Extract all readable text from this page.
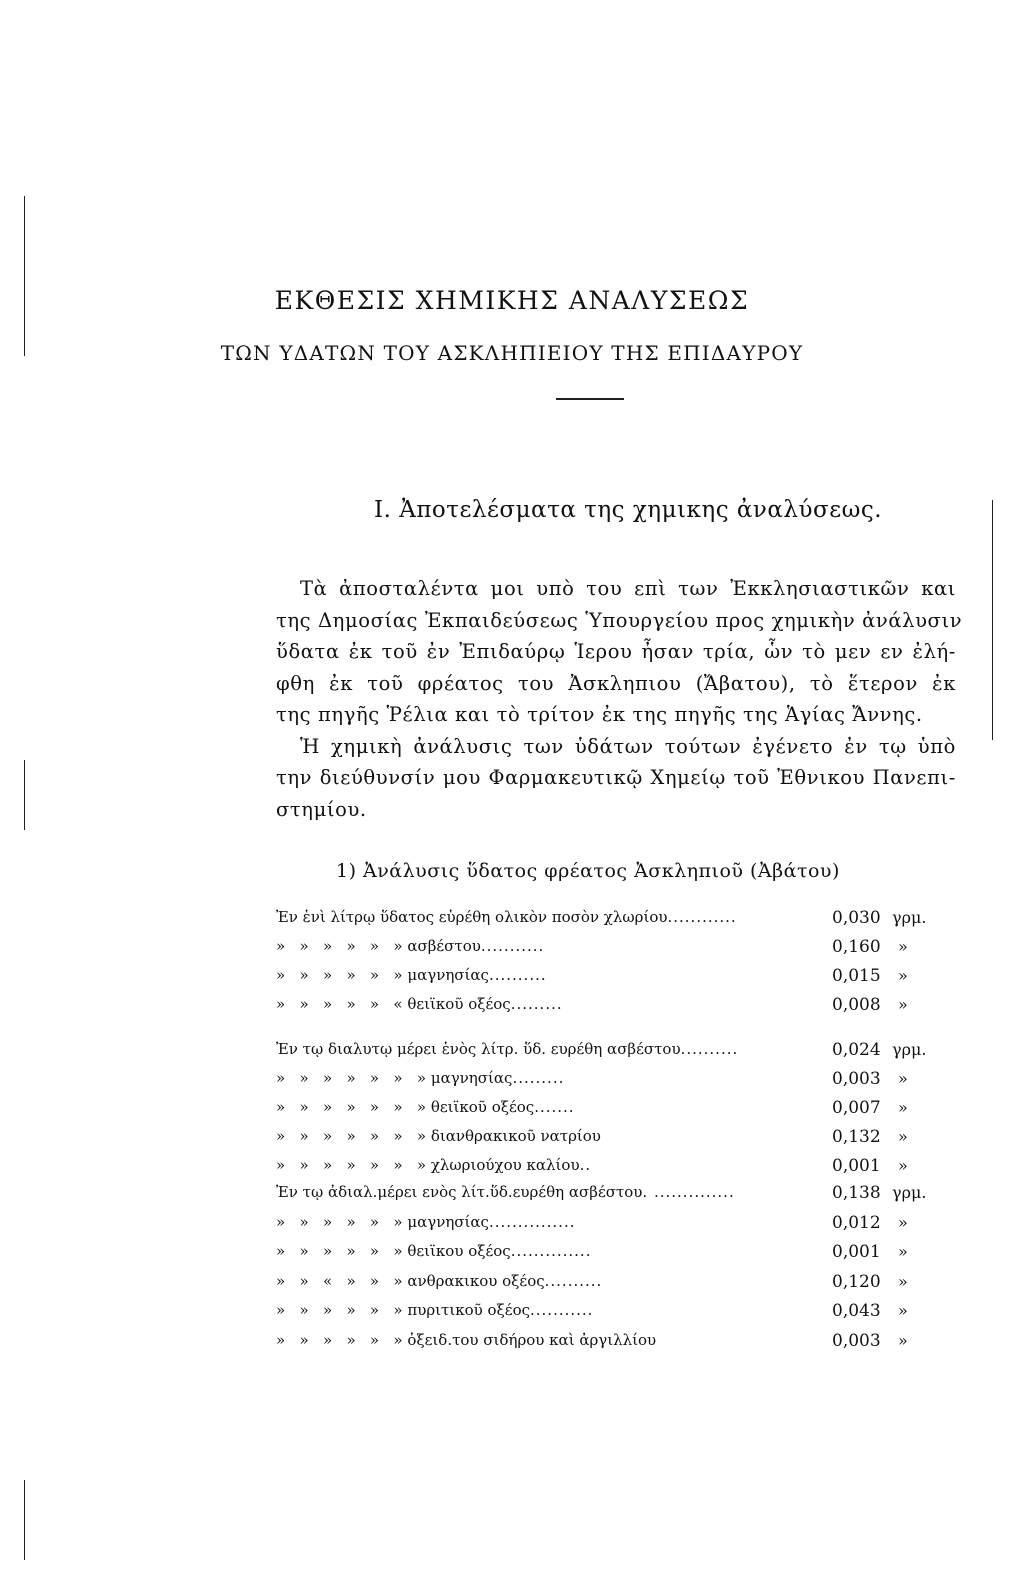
ΕΚΘΕΣΙΣ ΧΗΜΙΚΗΣ ΑΝΑΛΥΣΕΩΣ
ΤΩΝ ΥΔΑΤΩΝ ΤΟΥ ΑΣΚΛΗΠΙΕΙΟΥ ΤΗΣ ΕΠΙΔΑΥΡΟΥ
I. Ἀποτελέσματα της χημικης ἀναλύσεως.
Τὰ ἀποσταλέντα μοι υπὸ του επὶ των Ἐκκλησιαστικῶν και
της Δημοσίας Ἐκπαιδεύσεως Ὑπουργείου προς χημικὴν ἀνάλυσιν
ὕδατα ἐκ τοῦ ἐν Ἐπιδαύρῳ Ἱερου ἦσαν τρία, ὧν τὸ μεν εν ἐλή-
φθη ἐκ τοῦ φρέατος του Ἀσκληπιου (Ἄβατου), τὸ ἕτερον ἐκ
της πηγῆς Ῥέλια και τὸ τρίτον ἐκ της πηγῆς της Ἁγίας Ἄννης.
Ἡ χημικὴ ἀνάλυσις των ὑδάτων τούτων ἐγένετο ἐν τῳ ὑπὸ
την διεύθυνσίν μου Φαρμακευτικῷ Χημείῳ τοῦ Ἐθνικου Πανεπι-
στημίου.
1) Ἀνάλυσις ὕδατος φρέατος Ἀσκληπιοῦ (Ἀβάτου)
Ἐν ἑνὶ λίτρῳ ὕδατος εὑρέθη ολικὸν ποσὸν χλωρίου............	0,030 γρμ.
»   »   »   »   »   » ασβέστου...........	0,160 »
»   »   »   »   »   » μαγνησίας..........	0,015 »
»   »   »   »   »   « θειϊκοῦ οξέος.........	0,008 »
Ἐν τῳ διαλυτῳ μέρει ἑνὸς λίτρ. ὕδ. ευρέθη ασβέστου..........	0,024 γρμ.
»   »   »   »   »   »   » μαγνησίας.........	0,003 »
»   »   »   »   »   »   » θειϊκοῦ οξέος.......	0,007 »
»   »   »   »   »   »   » διανθρακικοῦ νατρίου	0,132 »
»   »   »   »   »   »   » χλωριούχου καλίου..	0,001 »
Ἐν τῳ ἀδιαλ.μέρει ενὸς λίτ.ὕδ.ευρέθη ασβέστου. ..............	0,138 γρμ.
»   »   »   »   »   » μαγνησίας...............	0,012 »
»   »   »   »   »   » θειϊκου οξέος..............	0,001 »
»   »   «   »   »   » ανθρακικου οξέος..........	0,120 »
»   »   »   »   »   » πυριτικοῦ οξέος...........	0,043 »
»   »   »   »   »   » ὀξειδ.του σιδήρου καὶ ἀργιλλίου	0,003 »
